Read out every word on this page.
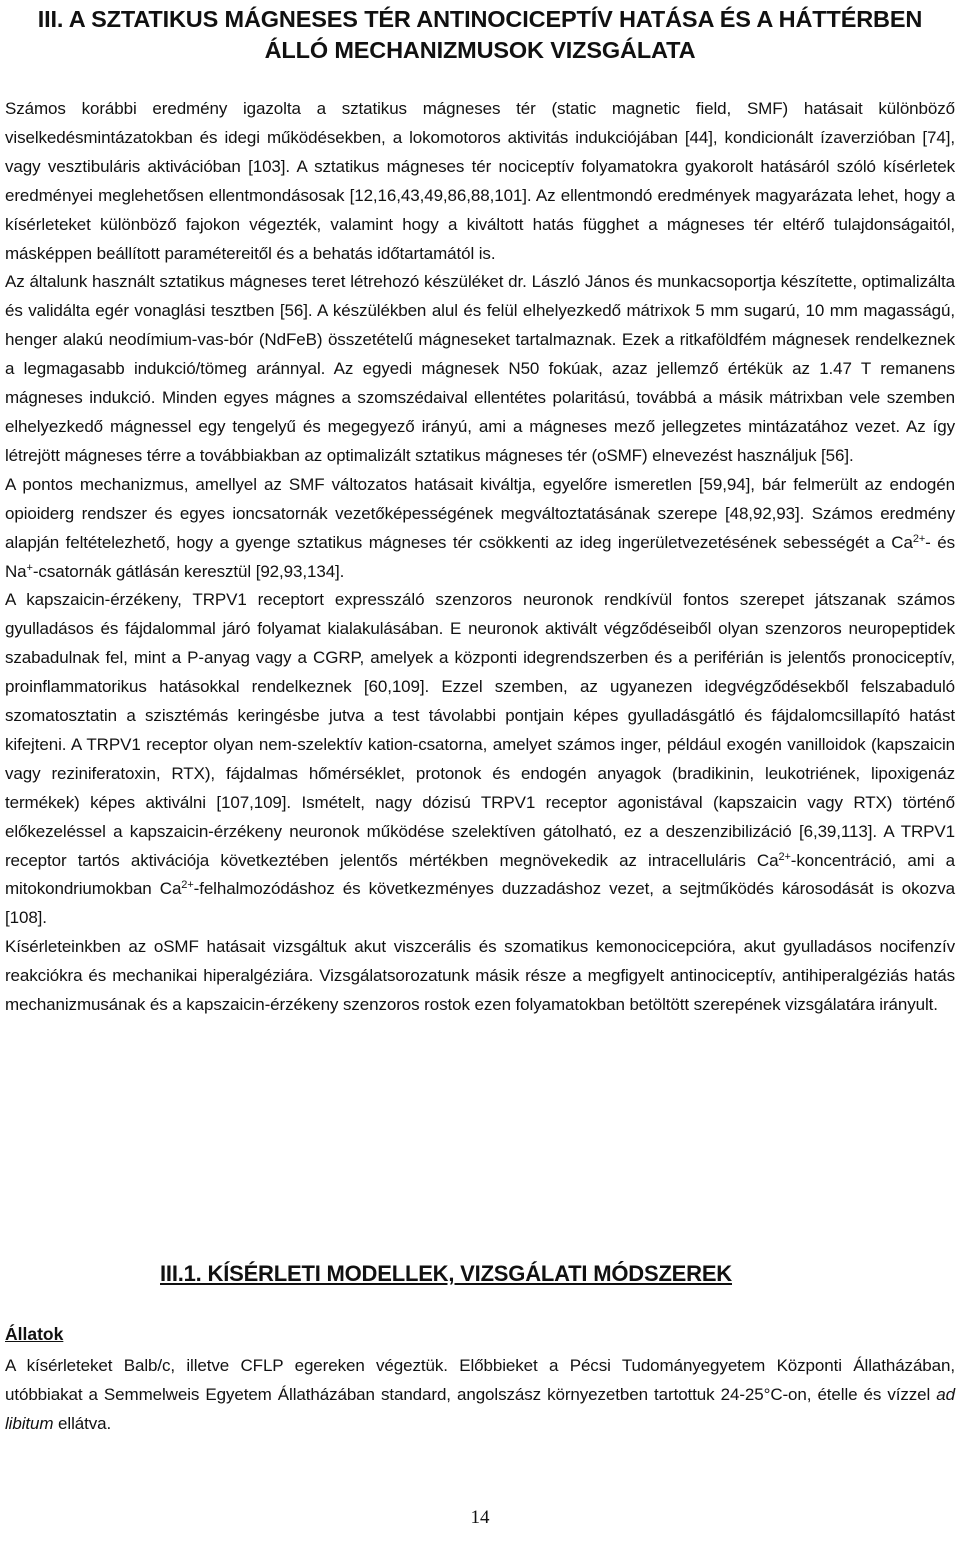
III. A SZTATIKUS MÁGNESES TÉR ANTINOCICEPTÍV HATÁSA ÉS A HÁTTÉRBEN
ÁLLÓ MECHANIZMUSOK VIZSGÁLATA

Számos korábbi eredmény igazolta a sztatikus mágneses tér (static magnetic field, SMF) hatásait különböző viselkedésmintázatokban és idegi működésekben, a lokomotoros aktivitás indukciójában [44], kondicionált ízaverzióban [74], vagy vesztibuláris aktivációban [103]. A sztatikus mágneses tér nociceptív folyamatokra gyakorolt hatásáról szóló kísérletek eredményei meglehetősen ellentmondásosak [12,16,43,49,86,88,101]. Az ellentmondó eredmények magyarázata lehet, hogy a kísérleteket különböző fajokon végezték, valamint hogy a kiváltott hatás függhet a mágneses tér eltérő tulajdonságaitól, másképpen beállított paramétereitől és a behatás időtartamától is.

Az általunk használt sztatikus mágneses teret létrehozó készüléket dr. László János és munkacsoportja készítette, optimalizálta és validálta egér vonaglási tesztben [56]. A készülékben alul és felül elhelyezkedő mátrixok 5 mm sugarú, 10 mm magasságú, henger alakú neodímium-vas-bór (NdFeB) összetételű mágneseket tartalmaznak. Ezek a ritkaföldfém mágnesek rendelkeznek a legmagasabb indukció/tömeg aránnyal. Az egyedi mágnesek N50 fokúak, azaz jellemző értékük az 1.47 T remanens mágneses indukció. Minden egyes mágnes a szomszédaival ellentétes polaritású, továbbá a másik mátrixban vele szemben elhelyezkedő mágnessel egy tengelyű és megegyező irányú, ami a mágneses mező jellegzetes mintázatához vezet. Az így létrejött mágneses térre a továbbiakban az optimalizált sztatikus mágneses tér (oSMF) elnevezést használjuk [56].

A pontos mechanizmus, amellyel az SMF változatos hatásait kiváltja, egyelőre ismeretlen [59,94], bár felmerült az endogén opioiderg rendszer és egyes ioncsatornák vezetőképességének megváltoztatásának szerepe [48,92,93]. Számos eredmény alapján feltételezhető, hogy a gyenge sztatikus mágneses tér csökkenti az ideg ingerületvezetésének sebességét a $Ca^{2+}-$ és Na+-csatornák gátlásán keresztül [92,93,134].

A kapszaicin-érzékeny, TRPV1 receptort expresszáló szenzoros neuronok rendkívül fontos szerepet játszanak számos gyulladásos és fájdalommal járó folyamat kialakulásában. E neuronok aktivált végződéseiből olyan szenzoros neuropeptidek szabadulnak fel, mint a P-anyag vagy a CGRP, amelyek a központi idegrendszerben és a periférián is jelentős pronociceptív, proinflammatorikus hatásokkal rendelkeznek [60,109]. Ezzel szemben, az ugyanezen idegvégződésekből felszabaduló szomatosztatin a szisztémás keringésbe jutva a test távolabbi pontjain képes gyulladásgátló és fájdalomcsillapító hatást kifejteni. A TRPV1 receptor olyan nem-szelektív kation-csatorna, amelyet számos inger, például exogén vanilloidok (kapszaicin vagy reziniferatoxin, RTX), fájdalmas hőmérséklet, protonok és endogén anyagok (bradikinin, leukotriének, lipoxigenáz termékek) képes aktiválni [107,109]. Ismételt, nagy dózisú TRPV1 receptor agonistával (kapszaicin vagy RTX) történő előkezeléssel a kapszaicin-érzékeny neuronok működése szelektíven gátolható, ez a deszenzibilizáció [6,39,113]. A TRPV1 receptor tartós aktivációja következtében jelentős mértékben megnövekedik az intracelluláris $Ca^{2+}$-koncentráció, ami a mitokondriumokban $Ca^{2+}$-felhalmozódáshoz és következményes duzzadáshoz vezet, a sejtműködés károsodását is okozva [108].

Kísérleteinkben az oSMF hatásait vizsgáltuk akut viszcerális és szomatikus kemonocicepcióra, akut gyulladásos nocifenzív reakciókra és mechanikai hiperalgéziára. Vizsgálatsorozatunk másik része a megfigyelt antinociceptív, antihiperalgéziás hatás mechanizmusának és a kapszaicin-érzékeny szenzoros rostok ezen folyamatokban betöltött szerepének vizsgálatára irányult.

III.1. KÍSÉRLETI MODELLEK, VIZSGÁLATI MÓDSZEREK
Állatok

A kísérleteket Balb/c, illetve CFLP egereken végeztük. Előbbieket a Pécsi Tudományegyetem Központi Állatházában, utóbbiakat a Semmelweis Egyetem Állatházában standard, angolszász környezetben tartottuk 24-25°C-on, ételle és vízzel ad libitum ellátva.

14
